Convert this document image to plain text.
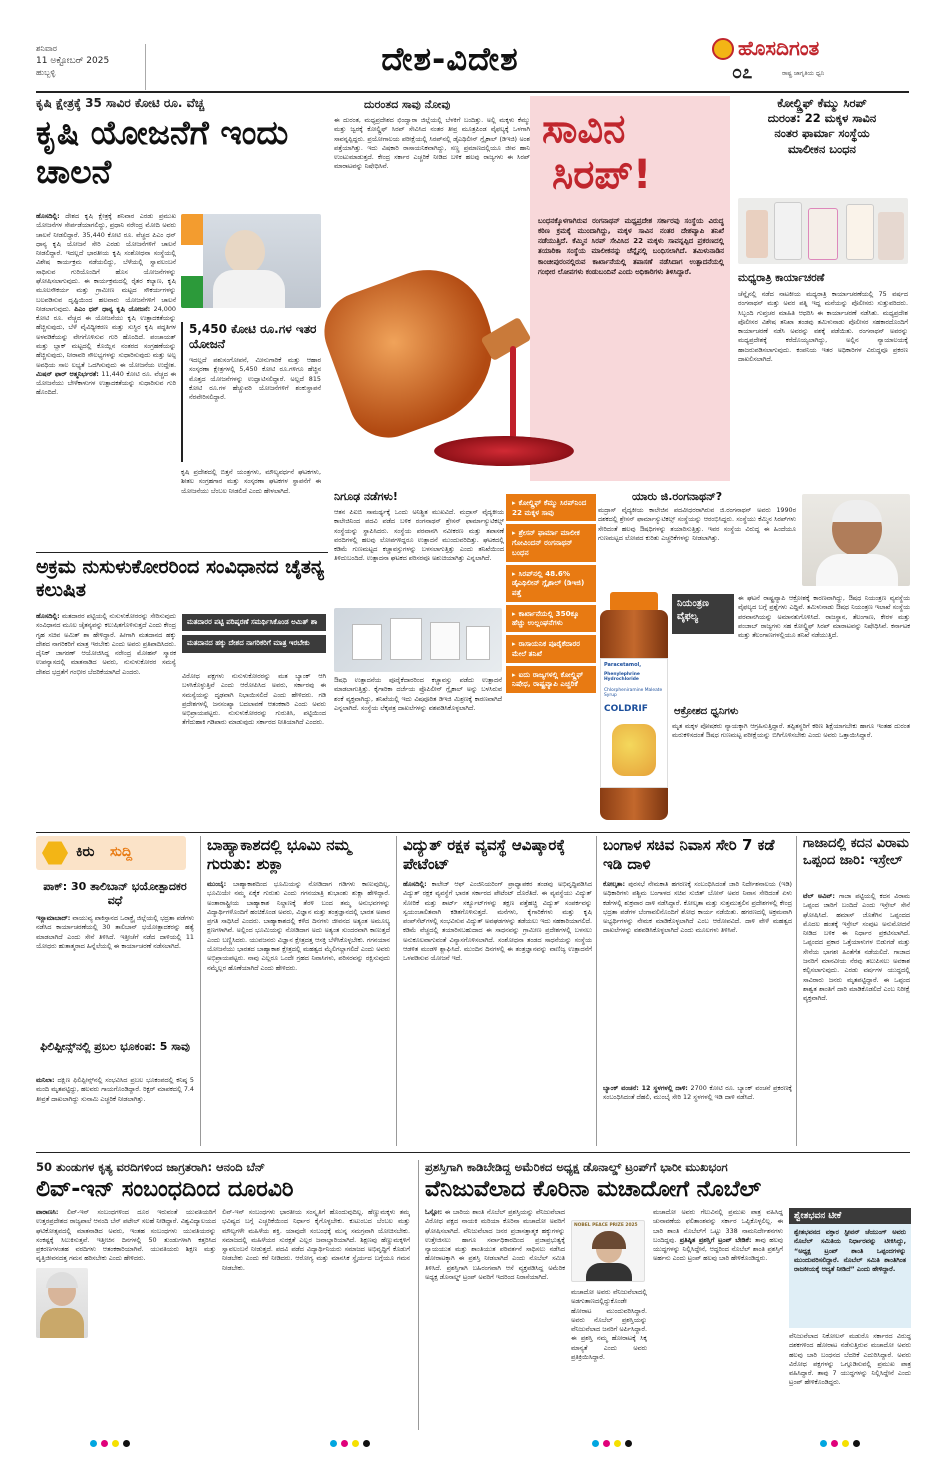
ಶನಿವಾರ
11 ಅಕ್ಟೋಬರ್ 2025
ಹುಬ್ಬಳ್ಳಿ	ದೇಶ-ವಿದೇಶ	ಹೊಸದಿಗಂತ
೦೭	ರಾಷ್ಟ್ರ ಜಾಗೃತಿಯ ಧ್ವನಿ
ಕೃಷಿ ಕ್ಷೇತ್ರಕ್ಕೆ 35 ಸಾವಿರ ಕೋಟಿ ರೂ. ವೆಚ್ಚ
ಕೃಷಿ ಯೋಜನೆಗೆ ಇಂದು ಚಾಲನೆ
ಹೊಸದಿಲ್ಲಿ: ದೇಶದ ಕೃಷಿ ಕ್ಷೇತ್ರಕ್ಕೆ ಶನಿವಾರ ಎರಡು ಪ್ರಮುಖ ಯೋಜನೆಗಳ ಸೇರ್ಪಡೆಯಾಗಲಿದ್ದು, ಪ್ರಧಾನಿ ನರೇಂದ್ರ ಮೋದಿ ಅವರು ಚಾಲನೆ ನೀಡಲಿದ್ದಾರೆ. 35,440 ಕೋಟಿ ರೂ. ವೆಚ್ಚದ ಪಿಎಂ ಧನ್ ಧಾನ್ಯ ಕೃಷಿ ಯೋಜನೆ ಸೇರಿ ಎರಡು ಯೋಜನೆಗಳಿಗೆ ಚಾಲನೆ ನೀಡಲಿದ್ದಾರೆ. ಇದಲ್ಲದೆ ಭಾರತೀಯ ಕೃಷಿ ಸಂಶೋಧನಾ ಸಂಸ್ಥೆಯಲ್ಲಿ ವಿಶೇಷ ಕಾರ್ಯಕ್ರಮ ನಡೆಯಲಿದ್ದು, ಬೆಳೆಯಲ್ಲಿ ಸ್ವಾವಲಂಬನೆ ಸಾಧಿಸುವ ಗುರಿಯೊಂದಿಗೆ ಹೊಸ ಯೋಜನೆಗಳನ್ನು ಘೋಷಿಸಲಾಗುವುದು. ಈ ಕಾರ್ಯಕ್ರಮದಲ್ಲಿ ರೈತರ ಕಲ್ಯಾಣ, ಕೃಷಿ ಮೂಲಸೌಕರ್ಯ ಮತ್ತು ಗ್ರಾಮೀಣ ಮಟ್ಟದ ಸೌಕರ್ಯಗಳನ್ನು ಬಲಪಡಿಸುವ ದೃಷ್ಟಿಯಿಂದ ಹಲವಾರು ಯೋಜನೆಗಳಿಗೆ ಚಾಲನೆ ನೀಡಲಾಗುವುದು. ಪಿಎಂ ಧನ್ ಧಾನ್ಯ ಕೃಷಿ ಯೋಜನೆ: 24,000 ಕೋಟಿ ರೂ. ವೆಚ್ಚದ ಈ ಯೋಜನೆಯು ಕೃಷಿ ಉತ್ಪಾದಕತೆಯನ್ನು ಹೆಚ್ಚಿಸುವುದು, ಬೆಳೆ ವೈವಿಧ್ಯೀಕರಣ ಮತ್ತು ಸುಸ್ಥಿರ ಕೃಷಿ ಪದ್ಧತಿಗಳ ಅಳವಡಿಕೆಯನ್ನು ವೇಗಗೊಳಿಸುವ ಗುರಿ ಹೊಂದಿದೆ. ಪಂಚಾಯತ್ ಮತ್ತು ಬ್ಲಾಕ್ ಮಟ್ಟದಲ್ಲಿ ಕೊಯ್ಲಿನ ನಂತರದ ಸಂಗ್ರಹಣೆಯನ್ನು ಹೆಚ್ಚಿಸುವುದು, ನೀರಾವರಿ ಸೌಲಭ್ಯಗಳನ್ನು ಸುಧಾರಿಸುವುದು ಮತ್ತು ಅಲ್ಪ ಅವಧಿಯ ಸಾಲ ಲಭ್ಯತೆ ಒದಗಿಸುವುದು ಈ ಯೋಜನೆಯ ಉದ್ದೇಶ. ಮಿಷನ್ ಫಾರ್ ಆತ್ಮನಿರ್ಭರತೆ: 11,440 ಕೋಟಿ ರೂ. ವೆಚ್ಚದ ಈ ಯೋಜನೆಯು ಬೇಳೆಕಾಳುಗಳ ಉತ್ಪಾದಕತೆಯನ್ನು ಸುಧಾರಿಸುವ ಗುರಿ ಹೊಂದಿದೆ.
5,450 ಕೋಟಿ ರೂ.ಗಳ ಇತರ ಯೋಜನೆ
ಇದಲ್ಲದೆ ಪಶುಸಂಗೋಪನೆ, ಮೀನುಗಾರಿಕೆ ಮತ್ತು ಆಹಾರ ಸಂಸ್ಕರಣಾ ಕ್ಷೇತ್ರಗಳಲ್ಲಿ 5,450 ಕೋಟಿ ರೂ.ಗಳಿಗೂ ಹೆಚ್ಚಿನ ಮೊತ್ತದ ಯೋಜನೆಗಳನ್ನು ಉದ್ಘಾಟಿಸಲಿದ್ದಾರೆ. ಅಲ್ಲದೆ 815 ಕೋಟಿ ರೂ.ಗಳ ಹೆಚ್ಚುವರಿ ಯೋಜನೆಗಳಿಗೆ ಶಂಕುಸ್ಥಾಪನೆ ನೆರವೇರಿಸಲಿದ್ದಾರೆ.
ಕೃಷಿ ಪ್ರದೇಶದಲ್ಲಿ ಬಿತ್ತನೆ ಯಂತ್ರಗಳು, ಮೌಲ್ಯವರ್ಧನೆ ಘಟಕಗಳು, ಶೀತಲ ಸಂಗ್ರಹಗಾರ ಮತ್ತು ಸಂಸ್ಕರಣಾ ಘಟಕಗಳ ಸ್ಥಾಪನೆಗೆ ಈ ಯೋಜನೆಯು ಬೆಂಬಲ ನೀಡಲಿದೆ ಎಂದು ಹೇಳಲಾಗಿದೆ.
ದುರಂತದ ಸಾವು ನೋವು
ಈ ದುರಂತ, ಮಧ್ಯಪ್ರದೇಶದ ಛಿಂದ್ವಾರಾ ಜಿಲ್ಲೆಯಲ್ಲಿ ಬೆಳಕಿಗೆ ಬಂದಿತ್ತು. ಅಲ್ಲಿ ಮಕ್ಕಳು ಕೆಮ್ಮು ಮತ್ತು ಜ್ವರಕ್ಕೆ ಕೋಲ್ಡ್ರಿಫ್ ಸಿರಪ್ ಸೇವಿಸಿದ ನಂತರ ತೀವ್ರ ಮೂತ್ರಪಿಂಡ ವೈಫಲ್ಯಕ್ಕೆ ಒಳಗಾಗಿ ಸಾವನ್ನಪ್ಪಿದ್ದರು. ಪ್ರಯೋಗಾಲಯ ಪರೀಕ್ಷೆಯಲ್ಲಿ ಸಿರಪ್‌ನಲ್ಲಿ ಡೈಎಥಿಲೀನ್ ಗ್ಲೈಕಾಲ್ (ಡಿಇಜಿ) ಅಂಶ ಪತ್ತೆಯಾಗಿತ್ತು. ಇದು ವಿಷಕಾರಿ ರಾಸಾಯನಿಕವಾಗಿದ್ದು, ಸಣ್ಣ ಪ್ರಮಾಣದಲ್ಲಿಯೂ ಜೀವ ಹಾನಿ ಉಂಟುಮಾಡುತ್ತದೆ. ಕೇಂದ್ರ ಸರ್ಕಾರ ಎಚ್ಚರಿಕೆ ನೀಡಿದ ಬಳಿಕ ಹಲವು ರಾಜ್ಯಗಳು ಈ ಸಿರಪ್ ಮಾರಾಟವನ್ನು ನಿಷೇಧಿಸಿವೆ.
ಸಾವಿನ
ಸಿರಪ್!
ಬಂಧನಕ್ಕೊಳಗಾಗಿರುವ ರಂಗನಾಥನ್ ಮಧ್ಯಪ್ರದೇಶ ಸರ್ಕಾರವು ಸಂಸ್ಥೆಯ ವಿರುದ್ಧ ಕಠಿಣ ಕ್ರಮಕ್ಕೆ ಮುಂದಾಗಿದ್ದು, ಮಕ್ಕಳ ಸಾವಿನ ನಂತರ ದೇಶವ್ಯಾಪಿ ತನಿಖೆ ನಡೆಯುತ್ತಿದೆ. ಕೆಮ್ಮಿನ ಸಿರಪ್ ಸೇವಿಸಿದ 22 ಮಕ್ಕಳು ಸಾವನ್ನಪ್ಪಿದ ಪ್ರಕರಣದಲ್ಲಿ ತಯಾರಿಕಾ ಸಂಸ್ಥೆಯ ಮಾಲೀಕನನ್ನು ಚೆನ್ನೈನಲ್ಲಿ ಬಂಧಿಸಲಾಗಿದೆ. ತಮಿಳುನಾಡಿನ ಕಾಂಚೀಪುರಂನಲ್ಲಿರುವ ಕಾರ್ಖಾನೆಯಲ್ಲಿ ತಪಾಸಣೆ ನಡೆಸಿದಾಗ ಉತ್ಪಾದನೆಯಲ್ಲಿ ಗಂಭೀರ ಲೋಪಗಳು ಕಂಡುಬಂದಿವೆ ಎಂದು ಅಧಿಕಾರಿಗಳು ತಿಳಿಸಿದ್ದಾರೆ.
ಕೋಲ್ಡ್ರಿಫ್ ಕೆಮ್ಮು ಸಿರಪ್
ದುರಂತ: 22 ಮಕ್ಕಳ ಸಾವಿನ
ನಂತರ ಫಾರ್ಮಾ ಸಂಸ್ಥೆಯ
ಮಾಲೀಕನ ಬಂಧನ
ಮಧ್ಯರಾತ್ರಿ ಕಾರ್ಯಾಚರಣೆ
ಚೆನ್ನೈನಲ್ಲಿ ನಡೆದ ನಾಟಕೀಯ ಮಧ್ಯರಾತ್ರಿ ಕಾರ್ಯಾಚರಣೆಯಲ್ಲಿ 75 ವರ್ಷದ ರಂಗನಾಥನ್ ಮತ್ತು ಅವರ ಪತ್ನಿ ಇದ್ದ ಮನೆಯನ್ನು ಪೊಲೀಸರು ಸುತ್ತುವರಿದರು. ಸಿಬ್ಬಂದಿ ಗುಪ್ತಚರ ಮಾಹಿತಿ ಆಧರಿಸಿ ಈ ಕಾರ್ಯಾಚರಣೆ ನಡೆಸಿತು. ಮಧ್ಯಪ್ರದೇಶ ಪೊಲೀಸರ ವಿಶೇಷ ತನಿಖಾ ತಂಡವು ತಮಿಳುನಾಡು ಪೊಲೀಸರ ಸಹಕಾರದೊಂದಿಗೆ ಕಾರ್ಯಾಚರಣೆ ನಡೆಸಿ ಅವರನ್ನು ವಶಕ್ಕೆ ಪಡೆಯಿತು. ರಂಗನಾಥನ್ ಅವರನ್ನು ಮಧ್ಯಪ್ರದೇಶಕ್ಕೆ ಕರೆದೊಯ್ಯಲಾಗಿದ್ದು, ಅಲ್ಲಿನ ನ್ಯಾಯಾಲಯಕ್ಕೆ ಹಾಜರುಪಡಿಸಲಾಗುವುದು. ಕಂಪನಿಯ ಇತರ ಅಧಿಕಾರಿಗಳ ವಿರುದ್ಧವೂ ಪ್ರಕರಣ ದಾಖಲಿಸಲಾಗಿದೆ.
ನಿಗೂಢ ನಡೆಗಳು!
ಆತನ ಪಿಐಬಿ ಸಾಮರ್ಥ್ಯಕ್ಕೆ ಒಂದು ಅನಿಶ್ಚಿತ ಮುಖವಿದೆ. ಮದ್ರಾಸ್ ವೈದ್ಯಕೀಯ ಕಾಲೇಜಿನಿಂದ ಪದವಿ ಪಡೆದ ಬಳಿಕ ರಂಗನಾಥನ್ ಶ್ರೇಸನ್ ಫಾರ್ಮಾಸ್ಯುಟಿಕಲ್ಸ್ ಸಂಸ್ಥೆಯನ್ನು ಸ್ಥಾಪಿಸಿದರು. ಸಂಸ್ಥೆಯ ಪರವಾನಗಿ ನವೀಕರಣ ಮತ್ತು ತಪಾಸಣೆ ವರದಿಗಳಲ್ಲಿ ಹಲವು ಲೋಪಗಳಿದ್ದರೂ ಉತ್ಪಾದನೆ ಮುಂದುವರಿದಿತ್ತು. ಘಟಕದಲ್ಲಿ ಕಡಿಮೆ ಗುಣಮಟ್ಟದ ಕಚ್ಚಾವಸ್ತುಗಳನ್ನು ಬಳಸಲಾಗುತ್ತಿತ್ತು ಎಂದು ತನಿಖೆಯಿಂದ ತಿಳಿದುಬಂದಿದೆ. ಉತ್ಪಾದನಾ ಘಟಕದ ಪರಿಸರವೂ ಅಶುಚಿಯಾಗಿತ್ತು ಎನ್ನಲಾಗಿದೆ.
ಔಷಧಿ ಉತ್ಪಾದನೆಯ ಪೂರೈಕೆದಾರರಿಂದ ಕಚ್ಚಾವಸ್ತು ಪಡೆದು ಉತ್ಪಾದನೆ ಮಾಡಲಾಗುತ್ತಿತ್ತು. ಕೈಗಾರಿಕಾ ದರ್ಜೆಯ ಪ್ರೊಪಿಲೀನ್ ಗ್ಲೈಕಾಲ್ ಅನ್ನು ಬಳಸಿರುವ ಶಂಕೆ ವ್ಯಕ್ತವಾಗಿದ್ದು, ತನಿಖೆಯಲ್ಲಿ ಇದು ವಿಷಪೂರಿತ ಡಿಇಜಿ ಮಿಶ್ರಣಕ್ಕೆ ಕಾರಣವಾಗಿದೆ ಎನ್ನಲಾಗಿದೆ. ಸಂಸ್ಥೆಯ ಲೆಕ್ಕಪತ್ರ ದಾಖಲೆಗಳನ್ನು ವಶಪಡಿಸಿಕೊಳ್ಳಲಾಗಿದೆ.
▸ ಕೋಲ್ಡ್ರಿಫ್ ಕೆಮ್ಮು ಸಿರಪ್‌ನಿಂದ 22 ಮಕ್ಕಳ ಸಾವು
▸ ಶ್ರೇಸನ್ ಫಾರ್ಮಾ ಮಾಲೀಕ ಗೋವಿಂದನ್ ರಂಗನಾಥನ್ ಬಂಧನ
▸ ಸಿರಪ್‌ನಲ್ಲಿ 48.6% ಡೈಎಥಿಲೀನ್ ಗ್ಲೈಕಾಲ್ (ಡಿಇಜಿ) ಪತ್ತೆ
▸ ಕಾರ್ಖಾನೆಯಲ್ಲಿ 350ಕ್ಕೂ ಹೆಚ್ಚು ಉಲ್ಲಂಘನೆಗಳು
▸ ರಾಸಾಯನಿಕ ಪೂರೈಕೆದಾರರ ಮೇಲೆ ತನಿಖೆ
▸ ಐದು ರಾಜ್ಯಗಳಲ್ಲಿ ಕೋಲ್ಡ್ರಿಫ್ ನಿಷೇಧ, ರಾಷ್ಟ್ರವ್ಯಾಪಿ ಎಚ್ಚರಿಕೆ
Paracetamol,
Phenylephrine Hydrochloride
Chlorpheniramine Maleate Syrup
COLDRIF
ಯಾರು ಜಿ.ರಂಗನಾಥನ್?
ಮದ್ರಾಸ್ ವೈದ್ಯಕೀಯ ಕಾಲೇಜಿನ ಪದವೀಧರರಾಗಿರುವ ಜಿ.ರಂಗನಾಥನ್ ಅವರು 1990ರ ದಶಕದಲ್ಲಿ ಶ್ರೇಸನ್ ಫಾರ್ಮಾಸ್ಯುಟಿಕಲ್ಸ್ ಸಂಸ್ಥೆಯನ್ನು ಆರಂಭಿಸಿದ್ದರು. ಸಂಸ್ಥೆಯು ಕೆಮ್ಮಿನ ಸಿರಪ್‌ಗಳು ಸೇರಿದಂತೆ ಹಲವು ಔಷಧಿಗಳನ್ನು ತಯಾರಿಸುತ್ತಿತ್ತು. ಇವರ ಸಂಸ್ಥೆಯ ವಿರುದ್ಧ ಈ ಹಿಂದೆಯೂ ಗುಣಮಟ್ಟದ ಲೋಪದ ಕುರಿತು ಎಚ್ಚರಿಕೆಗಳನ್ನು ನೀಡಲಾಗಿತ್ತು.
ನಿಯಂತ್ರಣ ವೈಫಲ್ಯ
ಈ ಘಟನೆ ರಾಷ್ಟ್ರವ್ಯಾಪಿ ಆಕ್ರೋಶಕ್ಕೆ ಕಾರಣವಾಗಿದ್ದು, ಔಷಧ ನಿಯಂತ್ರಣ ವ್ಯವಸ್ಥೆಯ ವೈಫಲ್ಯದ ಬಗ್ಗೆ ಪ್ರಶ್ನೆಗಳು ಎದ್ದಿವೆ. ತಮಿಳುನಾಡು ಔಷಧ ನಿಯಂತ್ರಣ ಇಲಾಖೆ ಸಂಸ್ಥೆಯ ಪರವಾನಗಿಯನ್ನು ಅಮಾನತುಗೊಳಿಸಿದೆ. ರಾಜಸ್ಥಾನ, ತೆಲಂಗಾಣ, ಕೇರಳ ಮತ್ತು ಪಂಜಾಬ್ ರಾಜ್ಯಗಳು ಸಹ ಕೋಲ್ಡ್ರಿಫ್ ಸಿರಪ್ ಮಾರಾಟವನ್ನು ನಿಷೇಧಿಸಿವೆ. ಕರ್ನಾಟಕ ಮತ್ತು ತೆಲಂಗಾಣಗಳಲ್ಲಿಯೂ ತನಿಖೆ ನಡೆಯುತ್ತಿದೆ.
ಆಕ್ರೋಶದ ಧ್ವನಿಗಳು
ಮೃತ ಮಕ್ಕಳ ಪೋಷಕರು ನ್ಯಾಯಕ್ಕಾಗಿ ಆಗ್ರಹಿಸುತ್ತಿದ್ದಾರೆ. ತಪ್ಪಿತಸ್ಥರಿಗೆ ಕಠಿಣ ಶಿಕ್ಷೆಯಾಗಬೇಕು ಹಾಗೂ ಇಂತಹ ದುರಂತ ಮರುಕಳಿಸದಂತೆ ಔಷಧ ಗುಣಮಟ್ಟ ಪರೀಕ್ಷೆಯನ್ನು ಬಿಗಿಗೊಳಿಸಬೇಕು ಎಂದು ಅವರು ಒತ್ತಾಯಿಸಿದ್ದಾರೆ.
ಅಕ್ರಮ ನುಸುಳುಕೋರರಿಂದ ಸಂವಿಧಾನದ ಚೈತನ್ಯ ಕಲುಷಿತ
ಹೊಸದಿಲ್ಲಿ: ಮತದಾರರ ಪಟ್ಟಿಯಲ್ಲಿ ನುಸುಳುಕೋರರನ್ನು ಸೇರಿಸುವುದು ಸಂವಿಧಾನದ ಮೂಲ ಚೈತನ್ಯವನ್ನು ಕಲುಷಿತಗೊಳಿಸುತ್ತದೆ ಎಂದು ಕೇಂದ್ರ ಗೃಹ ಸಚಿವ ಅಮಿತ್ ಶಾ ಹೇಳಿದ್ದಾರೆ. ಹೀಗಾಗಿ ಮತದಾನದ ಹಕ್ಕು ದೇಶದ ನಾಗರಿಕರಿಗೆ ಮಾತ್ರ ಇರಬೇಕು ಎಂದು ಅವರು ಪ್ರತಿಪಾದಿಸಿದರು. ದೈನಿಕ್ ಜಾಗರಣ್ ಆಯೋಜಿಸಿದ್ದ ನರೇಂದ್ರ ಮೋಹನ್ ಸ್ಮಾರಕ ಉಪನ್ಯಾಸದಲ್ಲಿ ಮಾತನಾಡಿದ ಅವರು, ನುಸುಳುಕೋರರ ಸಮಸ್ಯೆ ದೇಶದ ಭದ್ರತೆಗೆ ಗಂಭೀರ ಬೆದರಿಕೆಯಾಗಿದೆ ಎಂದರು.
ಮತದಾರರ ಪಟ್ಟಿ ಪರಿಷ್ಕರಣೆ ಸಮರ್ಥಿಸಿಕೊಂಡ ಅಮಿತ್ ಶಾ
ಮತದಾನದ ಹಕ್ಕು ದೇಶದ ನಾಗರಿಕರಿಗೆ ಮಾತ್ರ ಇರಬೇಕು
ವಿರೋಧ ಪಕ್ಷಗಳು ನುಸುಳುಕೋರರನ್ನು ಮತ ಬ್ಯಾಂಕ್ ಆಗಿ ಬಳಸಿಕೊಳ್ಳುತ್ತಿವೆ ಎಂದು ಆರೋಪಿಸಿದ ಅವರು, ಸರ್ಕಾರವು ಈ ಸಮಸ್ಯೆಯನ್ನು ದೃಢವಾಗಿ ನಿಭಾಯಿಸಲಿದೆ ಎಂದು ಹೇಳಿದರು. ಗಡಿ ಪ್ರದೇಶಗಳಲ್ಲಿ ಜನಸಂಖ್ಯಾ ಬದಲಾವಣೆ ಆತಂಕಕಾರಿ ಎಂದು ಅವರು ಅಭಿಪ್ರಾಯಪಟ್ಟರು. ನುಸುಳುಕೋರರನ್ನು ಗುರುತಿಸಿ, ಪಟ್ಟಿಯಿಂದ ತೆಗೆದುಹಾಕಿ ಗಡಿಪಾರು ಮಾಡುವುದು ಸರ್ಕಾರದ ನೀತಿಯಾಗಿದೆ ಎಂದರು.
ಕಿರು ಸುದ್ದಿ
ಪಾಕ್: 30 ತಾಲಿಬಾನ್ ಭಯೋತ್ಪಾದಕರ ವಧೆ
ಇಸ್ಲಾಮಾಬಾದ್: ವಾಯುವ್ಯ ಪಾಕಿಸ್ತಾನದ ಒರಾಕ್ಜೈ ಜಿಲ್ಲೆಯಲ್ಲಿ ಭದ್ರತಾ ಪಡೆಗಳು ನಡೆಸಿದ ಕಾರ್ಯಾಚರಣೆಯಲ್ಲಿ 30 ತಾಲಿಬಾನ್ ಭಯೋತ್ಪಾದಕರನ್ನು ಹತ್ಯೆ ಮಾಡಲಾಗಿದೆ ಎಂದು ಸೇನೆ ತಿಳಿಸಿದೆ. ಇತ್ತೀಚೆಗೆ ನಡೆದ ದಾಳಿಯಲ್ಲಿ 11 ಯೋಧರು ಹುತಾತ್ಮರಾದ ಹಿನ್ನೆಲೆಯಲ್ಲಿ ಈ ಕಾರ್ಯಾಚರಣೆ ನಡೆಸಲಾಗಿದೆ.
ಫಿಲಿಪ್ಪೀನ್ಸ್‌ನಲ್ಲಿ ಪ್ರಬಲ ಭೂಕಂಪ: 5 ಸಾವು
ಮನಿಲಾ: ದಕ್ಷಿಣ ಫಿಲಿಪ್ಪೀನ್ಸ್‌ನಲ್ಲಿ ಸಂಭವಿಸಿದ ಪ್ರಬಲ ಭೂಕಂಪದಲ್ಲಿ ಕನಿಷ್ಠ 5 ಮಂದಿ ಮೃತಪಟ್ಟಿದ್ದು, ಹಲವರು ಗಾಯಗೊಂಡಿದ್ದಾರೆ. ರಿಕ್ಟರ್ ಮಾಪಕದಲ್ಲಿ 7.4 ತೀವ್ರತೆ ದಾಖಲಾಗಿದ್ದು ಸುನಾಮಿ ಎಚ್ಚರಿಕೆ ನೀಡಲಾಗಿತ್ತು.
ಬಾಹ್ಯಾಕಾಶದಲ್ಲಿ ಭೂಮಿ ನಮ್ಮ ಗುರುತು: ಶುಕ್ಲಾ
ಮುಂಬೈ: ಬಾಹ್ಯಾಕಾಶದಿಂದ ಭೂಮಿಯನ್ನು ನೋಡಿದಾಗ ಗಡಿಗಳು ಕಾಣುವುದಿಲ್ಲ, ಭೂಮಿಯೇ ನಮ್ಮ ಏಕೈಕ ಗುರುತು ಎಂದು ಗಗನಯಾತ್ರಿ ಶುಭಾಂಶು ಶುಕ್ಲಾ ಹೇಳಿದ್ದಾರೆ. ಅಂತಾರಾಷ್ಟ್ರೀಯ ಬಾಹ್ಯಾಕಾಶ ನಿಲ್ದಾಣಕ್ಕೆ ತೆರಳಿ ಬಂದ ತಮ್ಮ ಅನುಭವಗಳನ್ನು ವಿದ್ಯಾರ್ಥಿಗಳೊಂದಿಗೆ ಹಂಚಿಕೊಂಡ ಅವರು, ವಿಜ್ಞಾನ ಮತ್ತು ತಂತ್ರಜ್ಞಾನದಲ್ಲಿ ಭಾರತ ಅಪಾರ ಪ್ರಗತಿ ಸಾಧಿಸಿದೆ ಎಂದರು. ಬಾಹ್ಯಾಕಾಶದಲ್ಲಿ ಕಳೆದ ದಿನಗಳು ಜೀವನದ ಅತ್ಯಂತ ಅಮೂಲ್ಯ ಕ್ಷಣಗಳಾಗಿವೆ. ಅಲ್ಲಿಂದ ಭೂಮಿಯನ್ನು ನೋಡಿದಾಗ ಅದು ಅತ್ಯಂತ ಸುಂದರವಾಗಿ ಕಾಣುತ್ತದೆ ಎಂದು ಬಣ್ಣಿಸಿದರು. ಯುವಜನರು ವಿಜ್ಞಾನ ಕ್ಷೇತ್ರದತ್ತ ಆಸಕ್ತಿ ಬೆಳೆಸಿಕೊಳ್ಳಬೇಕು. ಗಗನಯಾನ ಯೋಜನೆಯು ಭಾರತದ ಬಾಹ್ಯಾಕಾಶ ಕ್ಷೇತ್ರದಲ್ಲಿ ಮಹತ್ವದ ಮೈಲಿಗಲ್ಲಾಗಲಿದೆ ಎಂದು ಅವರು ಅಭಿಪ್ರಾಯಪಟ್ಟರು. ನಾವು ಎಲ್ಲರೂ ಒಂದೇ ಗ್ರಹದ ನಿವಾಸಿಗಳು, ಪರಿಸರವನ್ನು ರಕ್ಷಿಸುವುದು ನಮ್ಮೆಲ್ಲರ ಹೊಣೆಯಾಗಿದೆ ಎಂದು ಹೇಳಿದರು.
ವಿದ್ಯುತ್ ರಕ್ಷಕ ವ್ಯವಸ್ಥೆ ಆವಿಷ್ಕಾರಕ್ಕೆ ಪೇಟೆಂಟ್
ಹೊಸದಿಲ್ಲಿ: ಕಾಲೇಜ್ ಆಫ್ ಎಂಜಿನಿಯರಿಂಗ್ ಪ್ರಾಧ್ಯಾಪಕರ ತಂಡವು ಅಭಿವೃದ್ಧಿಪಡಿಸಿದ ವಿದ್ಯುತ್ ರಕ್ಷಕ ವ್ಯವಸ್ಥೆಗೆ ಭಾರತ ಸರ್ಕಾರದ ಪೇಟೆಂಟ್ ದೊರೆತಿದೆ. ಈ ವ್ಯವಸ್ಥೆಯು ವಿದ್ಯುತ್ ಸೋರಿಕೆ ಮತ್ತು ಶಾರ್ಟ್ ಸರ್ಕ್ಯೂಟ್‌ಗಳನ್ನು ತಕ್ಷಣ ಪತ್ತೆಹಚ್ಚಿ ವಿದ್ಯುತ್ ಸಂಪರ್ಕವನ್ನು ಸ್ವಯಂಚಾಲಿತವಾಗಿ ಕಡಿತಗೊಳಿಸುತ್ತದೆ. ಮನೆಗಳು, ಕೈಗಾರಿಕೆಗಳು ಮತ್ತು ಕೃಷಿ ಪಂಪ್‌ಸೆಟ್‌ಗಳಲ್ಲಿ ಸಂಭವಿಸುವ ವಿದ್ಯುತ್ ಅವಘಡಗಳನ್ನು ತಡೆಯಲು ಇದು ಸಹಕಾರಿಯಾಗಲಿದೆ. ಕಡಿಮೆ ವೆಚ್ಚದಲ್ಲಿ ತಯಾರಿಸಬಹುದಾದ ಈ ಸಾಧನವನ್ನು ಗ್ರಾಮೀಣ ಪ್ರದೇಶಗಳಲ್ಲಿ ಬಳಸಲು ಅನುಕೂಲವಾಗುವಂತೆ ವಿನ್ಯಾಸಗೊಳಿಸಲಾಗಿದೆ. ಸಂಶೋಧನಾ ತಂಡದ ಸಾಧನೆಯನ್ನು ಸಂಸ್ಥೆಯ ಆಡಳಿತ ಮಂಡಳಿ ಶ್ಲಾಘಿಸಿದೆ. ಮುಂದಿನ ದಿನಗಳಲ್ಲಿ ಈ ತಂತ್ರಜ್ಞಾನವನ್ನು ವಾಣಿಜ್ಯ ಉತ್ಪಾದನೆಗೆ ಒಳಪಡಿಸುವ ಯೋಜನೆ ಇದೆ.
ಬಂಗಾಳ ಸಚಿವ ನಿವಾಸ ಸೇರಿ 7 ಕಡೆ ಇಡಿ ದಾಳಿ
ಕೋಲ್ಕತಾ: ಪುರಸಭೆ ನೇಮಕಾತಿ ಹಗರಣಕ್ಕೆ ಸಂಬಂಧಿಸಿದಂತೆ ಜಾರಿ ನಿರ್ದೇಶನಾಲಯ (ಇಡಿ) ಅಧಿಕಾರಿಗಳು ಪಶ್ಚಿಮ ಬಂಗಾಳದ ಸಚಿವ ಸುಜಿತ್ ಬೋಸ್ ಅವರ ನಿವಾಸ ಸೇರಿದಂತೆ ಏಳು ಕಡೆಗಳಲ್ಲಿ ಶುಕ್ರವಾರ ದಾಳಿ ನಡೆಸಿದ್ದಾರೆ. ಕೋಲ್ಕತಾ ಮತ್ತು ಸುತ್ತಮುತ್ತಲಿನ ಪ್ರದೇಶಗಳಲ್ಲಿ ಕೇಂದ್ರ ಭದ್ರತಾ ಪಡೆಗಳ ಬೆಂಗಾವಲಿನೊಂದಿಗೆ ಶೋಧ ಕಾರ್ಯ ನಡೆಯಿತು. ಹಗರಣದಲ್ಲಿ ಅಕ್ರಮವಾಗಿ ಅಭ್ಯರ್ಥಿಗಳನ್ನು ನೇಮಕ ಮಾಡಿಕೊಳ್ಳಲಾಗಿದೆ ಎಂಬ ಆರೋಪವಿದೆ. ದಾಳಿ ವೇಳೆ ಮಹತ್ವದ ದಾಖಲೆಗಳನ್ನು ವಶಪಡಿಸಿಕೊಳ್ಳಲಾಗಿದೆ ಎಂದು ಮೂಲಗಳು ತಿಳಿಸಿವೆ.
ಬ್ಯಾಂಕ್ ವಂಚನೆ: 12 ಸ್ಥಳಗಳಲ್ಲಿ ದಾಳಿ: 2700 ಕೋಟಿ ರೂ. ಬ್ಯಾಂಕ್ ವಂಚನೆ ಪ್ರಕರಣಕ್ಕೆ ಸಂಬಂಧಿಸಿದಂತೆ ದೆಹಲಿ, ಮುಂಬೈ ಸೇರಿ 12 ಸ್ಥಳಗಳಲ್ಲಿ ಇಡಿ ದಾಳಿ ನಡೆಸಿದೆ.
ಗಾಜಾದಲ್ಲಿ ಕದನ ವಿರಾಮ ಒಪ್ಪಂದ ಜಾರಿ: ಇಸ್ರೇಲ್
ಟೆಲ್ ಅವಿವ್: ಗಾಜಾ ಪಟ್ಟಿಯಲ್ಲಿ ಕದನ ವಿರಾಮ ಒಪ್ಪಂದ ಜಾರಿಗೆ ಬಂದಿದೆ ಎಂದು ಇಸ್ರೇಲ್ ಸೇನೆ ಘೋಷಿಸಿದೆ. ಹಮಾಸ್ ಜೊತೆಗಿನ ಒಪ್ಪಂದದ ಮೊದಲ ಹಂತಕ್ಕೆ ಇಸ್ರೇಲ್ ಸಂಪುಟ ಅನುಮೋದನೆ ನೀಡಿದ ಬಳಿಕ ಈ ನಿರ್ಧಾರ ಪ್ರಕಟಿಸಲಾಗಿದೆ. ಒಪ್ಪಂದದ ಪ್ರಕಾರ ಒತ್ತೆಯಾಳುಗಳ ಬಿಡುಗಡೆ ಮತ್ತು ಸೇನೆಯ ಭಾಗಶಃ ಹಿಂತೆಗೆತ ನಡೆಯಲಿದೆ. ಗಾಜಾದ ಜನರಿಗೆ ಮಾನವೀಯ ನೆರವು ತಲುಪಿಸಲು ಅವಕಾಶ ಕಲ್ಪಿಸಲಾಗುವುದು. ಎರಡು ವರ್ಷಗಳ ಯುದ್ಧದಲ್ಲಿ ಸಾವಿರಾರು ಜನರು ಮೃತಪಟ್ಟಿದ್ದಾರೆ. ಈ ಒಪ್ಪಂದ ಶಾಶ್ವತ ಶಾಂತಿಗೆ ದಾರಿ ಮಾಡಿಕೊಡಲಿದೆ ಎಂಬ ನಿರೀಕ್ಷೆ ವ್ಯಕ್ತವಾಗಿದೆ.
50 ತುಂಡುಗಳ ಕೃತ್ಯ ವರದಿಗಳಿಂದ ಜಾಗ್ರತರಾಗಿ: ಆನಂದಿ ಬೆನ್
ಲಿವ್-ಇನ್ ಸಂಬಂಧದಿಂದ ದೂರವಿರಿ
ವಾರಾಣಸಿ: ಲಿವ್-ಇನ್ ಸಂಬಂಧಗಳಿಂದ ದೂರ ಇರುವಂತೆ ಯುವತಿಯರಿಗೆ ಉತ್ತರಪ್ರದೇಶದ ರಾಜ್ಯಪಾಲೆ ಆನಂದಿ ಬೆನ್ ಪಟೇಲ್ ಸಲಹೆ ನೀಡಿದ್ದಾರೆ. ವಿಶ್ವವಿದ್ಯಾಲಯದ ಘಟಿಕೋತ್ಸವದಲ್ಲಿ ಮಾತನಾಡಿದ ಅವರು, ಇಂತಹ ಸಂಬಂಧಗಳು ಯುವತಿಯರನ್ನು ಸಂಕಷ್ಟಕ್ಕೆ ಸಿಲುಕಿಸುತ್ತವೆ. ಇತ್ತೀಚಿನ ದಿನಗಳಲ್ಲಿ 50 ತುಂಡುಗಳಾಗಿ ಕತ್ತರಿಸಿದ ಪ್ರಕರಣಗಳಂತಹ ವರದಿಗಳು ಆತಂಕಕಾರಿಯಾಗಿವೆ. ಯುವತಿಯರು ಶಿಕ್ಷಣ ಮತ್ತು ವೃತ್ತಿಜೀವನದತ್ತ ಗಮನ ಹರಿಸಬೇಕು ಎಂದು ಹೇಳಿದರು.
ಲಿವ್-ಇನ್ ಸಂಬಂಧಗಳು ಭಾರತೀಯ ಸಂಸ್ಕೃತಿಗೆ ಹೊಂದುವುದಿಲ್ಲ. ಹೆಣ್ಣುಮಕ್ಕಳು ತಮ್ಮ ಭವಿಷ್ಯದ ಬಗ್ಗೆ ಎಚ್ಚರಿಕೆಯಿಂದ ನಿರ್ಧಾರ ಕೈಗೊಳ್ಳಬೇಕು. ಕುಟುಂಬದ ಬೆಂಬಲ ಮತ್ತು ಮೌಲ್ಯಗಳೇ ಮಹಿಳೆಯ ಶಕ್ತಿ. ಯಾವುದೇ ಸಂಬಂಧಕ್ಕೆ ಮುನ್ನ ಸಮಗ್ರವಾಗಿ ಯೋಚಿಸಬೇಕು. ಸಮಾಜದಲ್ಲಿ ಮಹಿಳೆಯರ ಸುರಕ್ಷತೆ ಎಲ್ಲರ ಜವಾಬ್ದಾರಿಯಾಗಿದೆ. ಶಿಕ್ಷಣವು ಹೆಣ್ಣುಮಕ್ಕಳಿಗೆ ಸ್ವಾವಲಂಬನೆ ನೀಡುತ್ತದೆ. ಪದವಿ ಪಡೆದ ವಿದ್ಯಾರ್ಥಿನಿಯರು ಸಮಾಜದ ಅಭಿವೃದ್ಧಿಗೆ ಕೊಡುಗೆ ನೀಡಬೇಕು ಎಂದು ಕರೆ ನೀಡಿದರು. ಆರೋಗ್ಯ ಮತ್ತು ಮಾನಸಿಕ ಸ್ಥೈರ್ಯದ ಬಗ್ಗೆಯೂ ಗಮನ ನೀಡಬೇಕು.
ಪ್ರಶಸ್ತಿಗಾಗಿ ಕಾಡಿಬೇಡಿದ್ದ ಅಮೆರಿಕದ ಅಧ್ಯಕ್ಷ ಡೊನಾಲ್ಡ್ ಟ್ರಂಪ್‌ಗೆ ಭಾರೀ ಮುಖಭಂಗ
ವೆನಿಜುವೆಲಾದ ಕೊರಿನಾ ಮಚಾದೋಗೆ ನೊಬೆಲ್
ಓಸ್ಲೋ: ಈ ಬಾರಿಯ ಶಾಂತಿ ನೊಬೆಲ್ ಪ್ರಶಸ್ತಿಯನ್ನು ವೆನಿಜುವೆಲಾದ ವಿರೋಧ ಪಕ್ಷದ ನಾಯಕಿ ಮರಿಯಾ ಕೊರಿನಾ ಮಚಾದೋ ಅವರಿಗೆ ಘೋಷಿಸಲಾಗಿದೆ. ವೆನಿಜುವೆಲಾದ ಜನರ ಪ್ರಜಾಸತ್ತಾತ್ಮಕ ಹಕ್ಕುಗಳನ್ನು ಉತ್ತೇಜಿಸಲು ಹಾಗೂ ಸರ್ವಾಧಿಕಾರದಿಂದ ಪ್ರಜಾಪ್ರಭುತ್ವಕ್ಕೆ ನ್ಯಾಯಯುತ ಮತ್ತು ಶಾಂತಿಯುತ ಪರಿವರ್ತನೆ ಸಾಧಿಸಲು ನಡೆಸಿದ ಹೋರಾಟಕ್ಕಾಗಿ ಈ ಪ್ರಶಸ್ತಿ ನೀಡಲಾಗಿದೆ ಎಂದು ನೊಬೆಲ್ ಸಮಿತಿ ತಿಳಿಸಿದೆ. ಪ್ರಶಸ್ತಿಗಾಗಿ ಬಹಿರಂಗವಾಗಿ ಆಸೆ ವ್ಯಕ್ತಪಡಿಸಿದ್ದ ಅಮೆರಿಕ ಅಧ್ಯಕ್ಷ ಡೊನಾಲ್ಡ್ ಟ್ರಂಪ್ ಅವರಿಗೆ ಇದರಿಂದ ನಿರಾಸೆಯಾಗಿದೆ.
NOBEL PEACE PRIZE 2025
ಮಚಾದೋ ಅವರು ವೆನಿಜುವೆಲಾದಲ್ಲಿ ಅಡಗುತಾಣದಲ್ಲಿದ್ದುಕೊಂಡೇ ಹೋರಾಟ ಮುಂದುವರಿಸಿದ್ದಾರೆ. ಅವರು ನೊಬೆಲ್ ಪ್ರಶಸ್ತಿಯನ್ನು ವೆನಿಜುವೆಲಾದ ಜನರಿಗೆ ಅರ್ಪಿಸಿದ್ದಾರೆ. ಈ ಪ್ರಶಸ್ತಿ ನಮ್ಮ ಹೋರಾಟಕ್ಕೆ ಸಿಕ್ಕ ಮಾನ್ಯತೆ ಎಂದು ಅವರು ಪ್ರತಿಕ್ರಿಯಿಸಿದ್ದಾರೆ.
ಮಚಾದೋ ಅವರು ಗೆಲುವಿನಲ್ಲಿ ಪ್ರಮುಖ ಪಾತ್ರ ವಹಿಸಿದ್ದ ಚುನಾವಣೆಯ ಫಲಿತಾಂಶವನ್ನು ಸರ್ಕಾರ ಒಪ್ಪಿಕೊಳ್ಳಲಿಲ್ಲ. ಈ ಬಾರಿ ಶಾಂತಿ ನೊಬೆಲ್‌ಗೆ ಒಟ್ಟು 338 ನಾಮನಿರ್ದೇಶನಗಳು ಬಂದಿದ್ದವು. ಪ್ರತಿಷ್ಠಿತ ಪ್ರಶಸ್ತಿಗೆ ಟ್ರಂಪ್ ಬೇಡಿಕೆ: ತಾವು ಹಲವು ಯುದ್ಧಗಳನ್ನು ನಿಲ್ಲಿಸಿದ್ದೇನೆ, ಆದ್ದರಿಂದ ನೊಬೆಲ್ ಶಾಂತಿ ಪ್ರಶಸ್ತಿಗೆ ಅರ್ಹನು ಎಂದು ಟ್ರಂಪ್ ಹಲವು ಬಾರಿ ಹೇಳಿಕೊಂಡಿದ್ದರು.
ಶ್ವೇತಭವನ ಟೀಕೆ
ಶ್ವೇತಭವನದ ವಕ್ತಾರ ಸ್ಟೀವನ್ ಚೆಯುಂಗ್ ಅವರು ನೊಬೆಲ್ ಸಮಿತಿಯ ನಿರ್ಧಾರವನ್ನು ಟೀಕಿಸಿದ್ದು, “ಅಧ್ಯಕ್ಷ ಟ್ರಂಪ್ ಶಾಂತಿ ಒಪ್ಪಂದಗಳನ್ನು ಮುಂದುವರಿಸಲಿದ್ದಾರೆ. ನೊಬೆಲ್ ಸಮಿತಿ ಶಾಂತಿಗಿಂತ ರಾಜಕೀಯಕ್ಕೆ ಆದ್ಯತೆ ನೀಡಿದೆ” ಎಂದು ಹೇಳಿದ್ದಾರೆ.
ವೆನಿಜುವೆಲಾದ ನಿಕೋಲಸ್ ಮಡುರೊ ಸರ್ಕಾರದ ವಿರುದ್ಧ ದಶಕಗಳಿಂದ ಹೋರಾಟ ನಡೆಸುತ್ತಿರುವ ಮಚಾದೋ ಅವರು ಹಲವು ಬಾರಿ ಬಂಧನದ ಬೆದರಿಕೆ ಎದುರಿಸಿದ್ದಾರೆ. ಅವರು ವಿರೋಧ ಪಕ್ಷಗಳನ್ನು ಒಗ್ಗೂಡಿಸುವಲ್ಲಿ ಪ್ರಮುಖ ಪಾತ್ರ ವಹಿಸಿದ್ದಾರೆ. ತಾವು 7 ಯುದ್ಧಗಳನ್ನು ನಿಲ್ಲಿಸಿದ್ದೇನೆ ಎಂದು ಟ್ರಂಪ್ ಹೇಳಿಕೊಂಡಿದ್ದರು.
